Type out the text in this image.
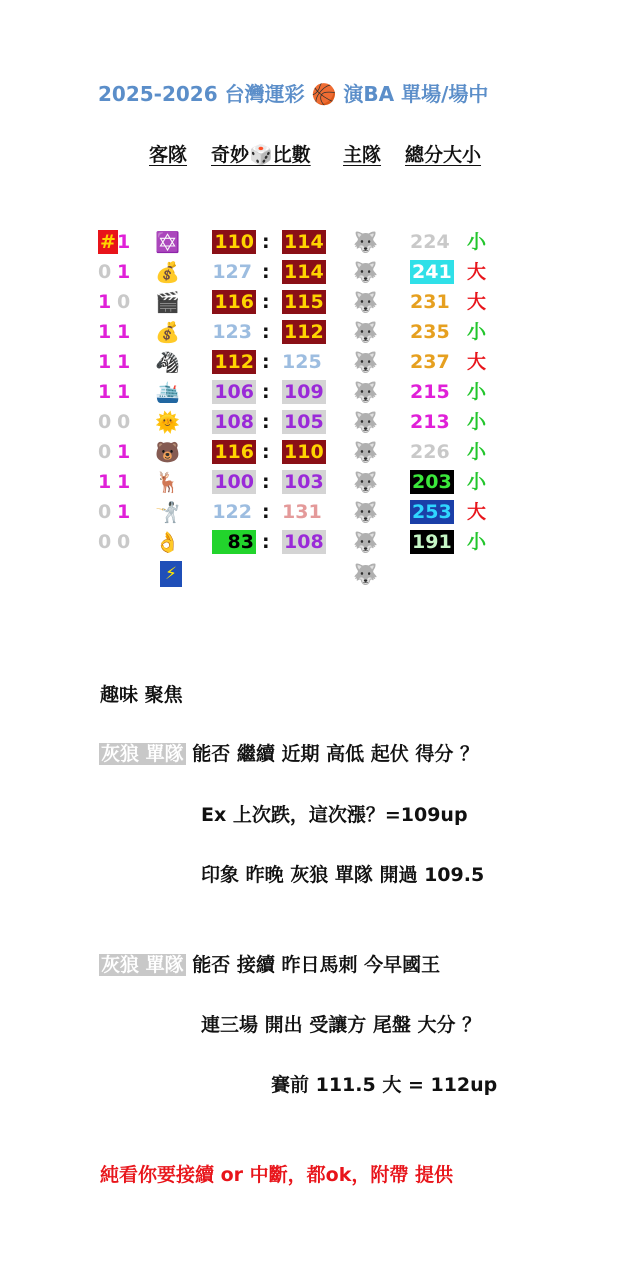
2025-2026 台灣運彩 🏀 演BA 單場/場中
客隊 奇妙🎲比數 主隊 總分大小
# 1 ✡️ 110 : 114 🐺 224 小
0 1 💰 127 : 114 🐺 241 大
1 0 🎬 116 : 115 🐺 231 大
1 1 💰 123 : 112 🐺 235 小
1 1 🦓 112 : 125 🐺 237 大
1 1 🛳️ 106 : 109 🐺 215 小
0 0 🌞 108 : 105 🐺 213 小
0 1 🐻 116 : 110 🐺 226 小
1 1 🦌 100 : 103 🐺 203 小
0 1 🤺 122 : 131 🐺 253 大
0 0 👌	83 : 108 🐺 191 小
⚡	🐺
趣味 聚焦
灰狼 單隊 能否 繼續 近期 高低 起伏 得分 ？
Ex 上次跌，這次漲？=109up
印象 昨晚 灰狼 單隊 開過 109.5
灰狼 單隊 能否 接續 昨日馬刺 今早國王
連三場 開出 受讓方 尾盤 大分 ？
賽前 111.5 大 = 112up
純看你要接續 or 中斷，都ok，附帶 提供
